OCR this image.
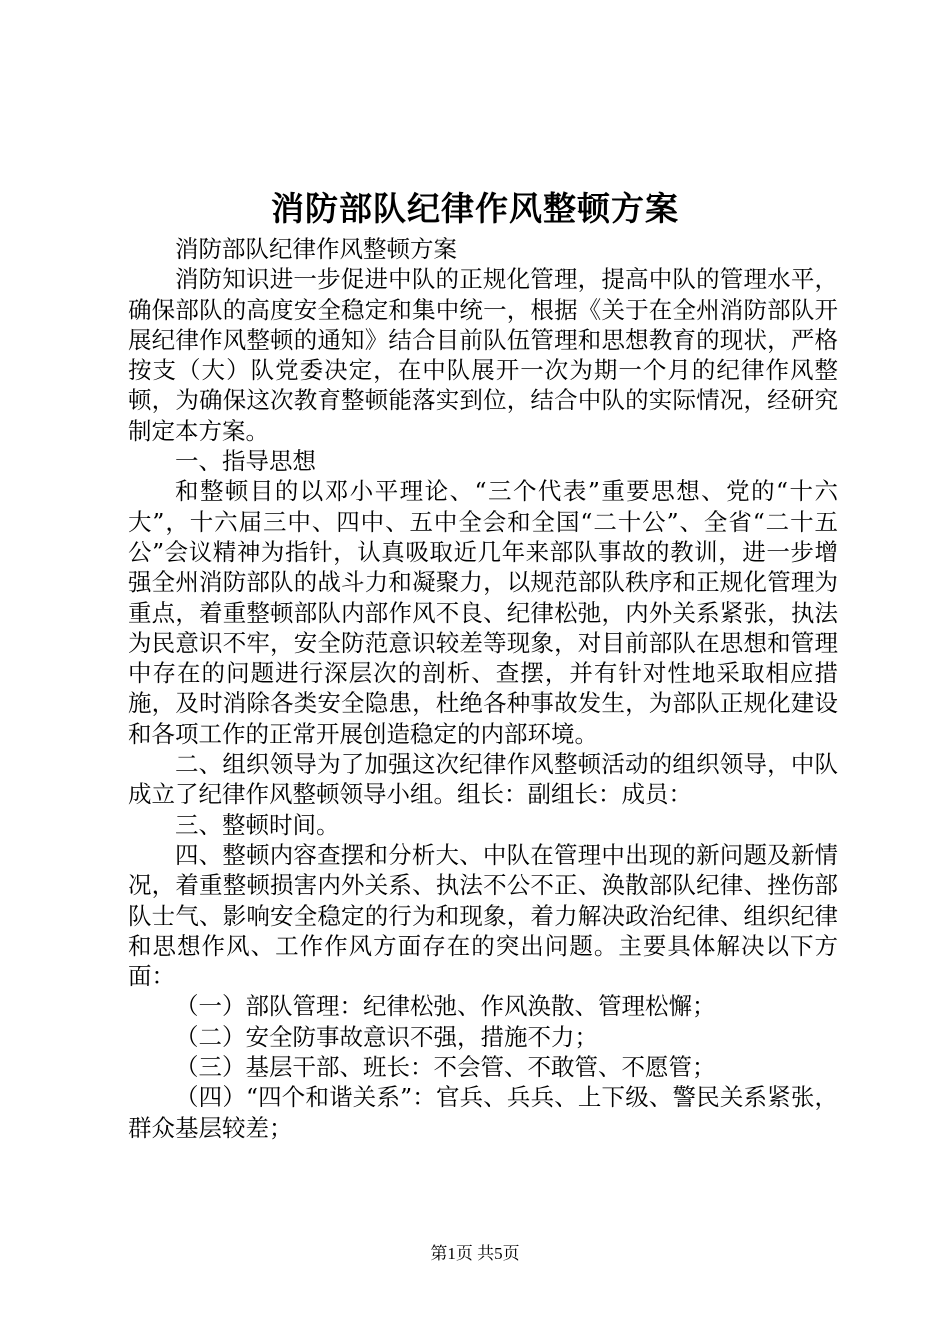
消防部队纪律作风整顿方案

消防部队纪律作风整顿方案

消防知识进一步促进中队的正规化管理，提高中队的管理水平，确保部队的高度安全稳定和集中统一，根据《关于在全州消防部队开展纪律作风整顿的通知》结合目前队伍管理和思想教育的现状，严格按支（大）队党委决定，在中队展开一次为期一个月的纪律作风整顿，为确保这次教育整顿能落实到位，结合中队的实际情况，经研究制定本方案。

一、指导思想

和整顿目的以邓小平理论、“三个代表”重要思想、党的“十六大”，十六届三中、四中、五中全会和全国“二十公”、全省“二十五公”会议精神为指针，认真吸取近几年来部队事故的教训，进一步增强全州消防部队的战斗力和凝聚力，以规范部队秩序和正规化管理为重点，着重整顿部队内部作风不良、纪律松弛，内外关系紧张，执法为民意识不牢，安全防范意识较差等现象，对目前部队在思想和管理中存在的问题进行深层次的剖析、查摆，并有针对性地采取相应措施，及时消除各类安全隐患，杜绝各种事故发生，为部队正规化建设和各项工作的正常开展创造稳定的内部环境。

二、组织领导为了加强这次纪律作风整顿活动的组织领导，中队成立了纪律作风整顿领导小组。组长：副组长：成员：

三、整顿时间。

四、整顿内容查摆和分析大、中队在管理中出现的新问题及新情况，着重整顿损害内外关系、执法不公不正、涣散部队纪律、挫伤部队士气、影响安全稳定的行为和现象，着力解决政治纪律、组织纪律和思想作风、工作作风方面存在的突出问题。主要具体解决以下方面：

（一）部队管理：纪律松弛、作风涣散、管理松懈；

（二）安全防事故意识不强，措施不力；

（三）基层干部、班长：不会管、不敢管、不愿管；

（四）“四个和谐关系”：官兵、兵兵、上下级、警民关系紧张，群众基层较差；

第1页 共5页
